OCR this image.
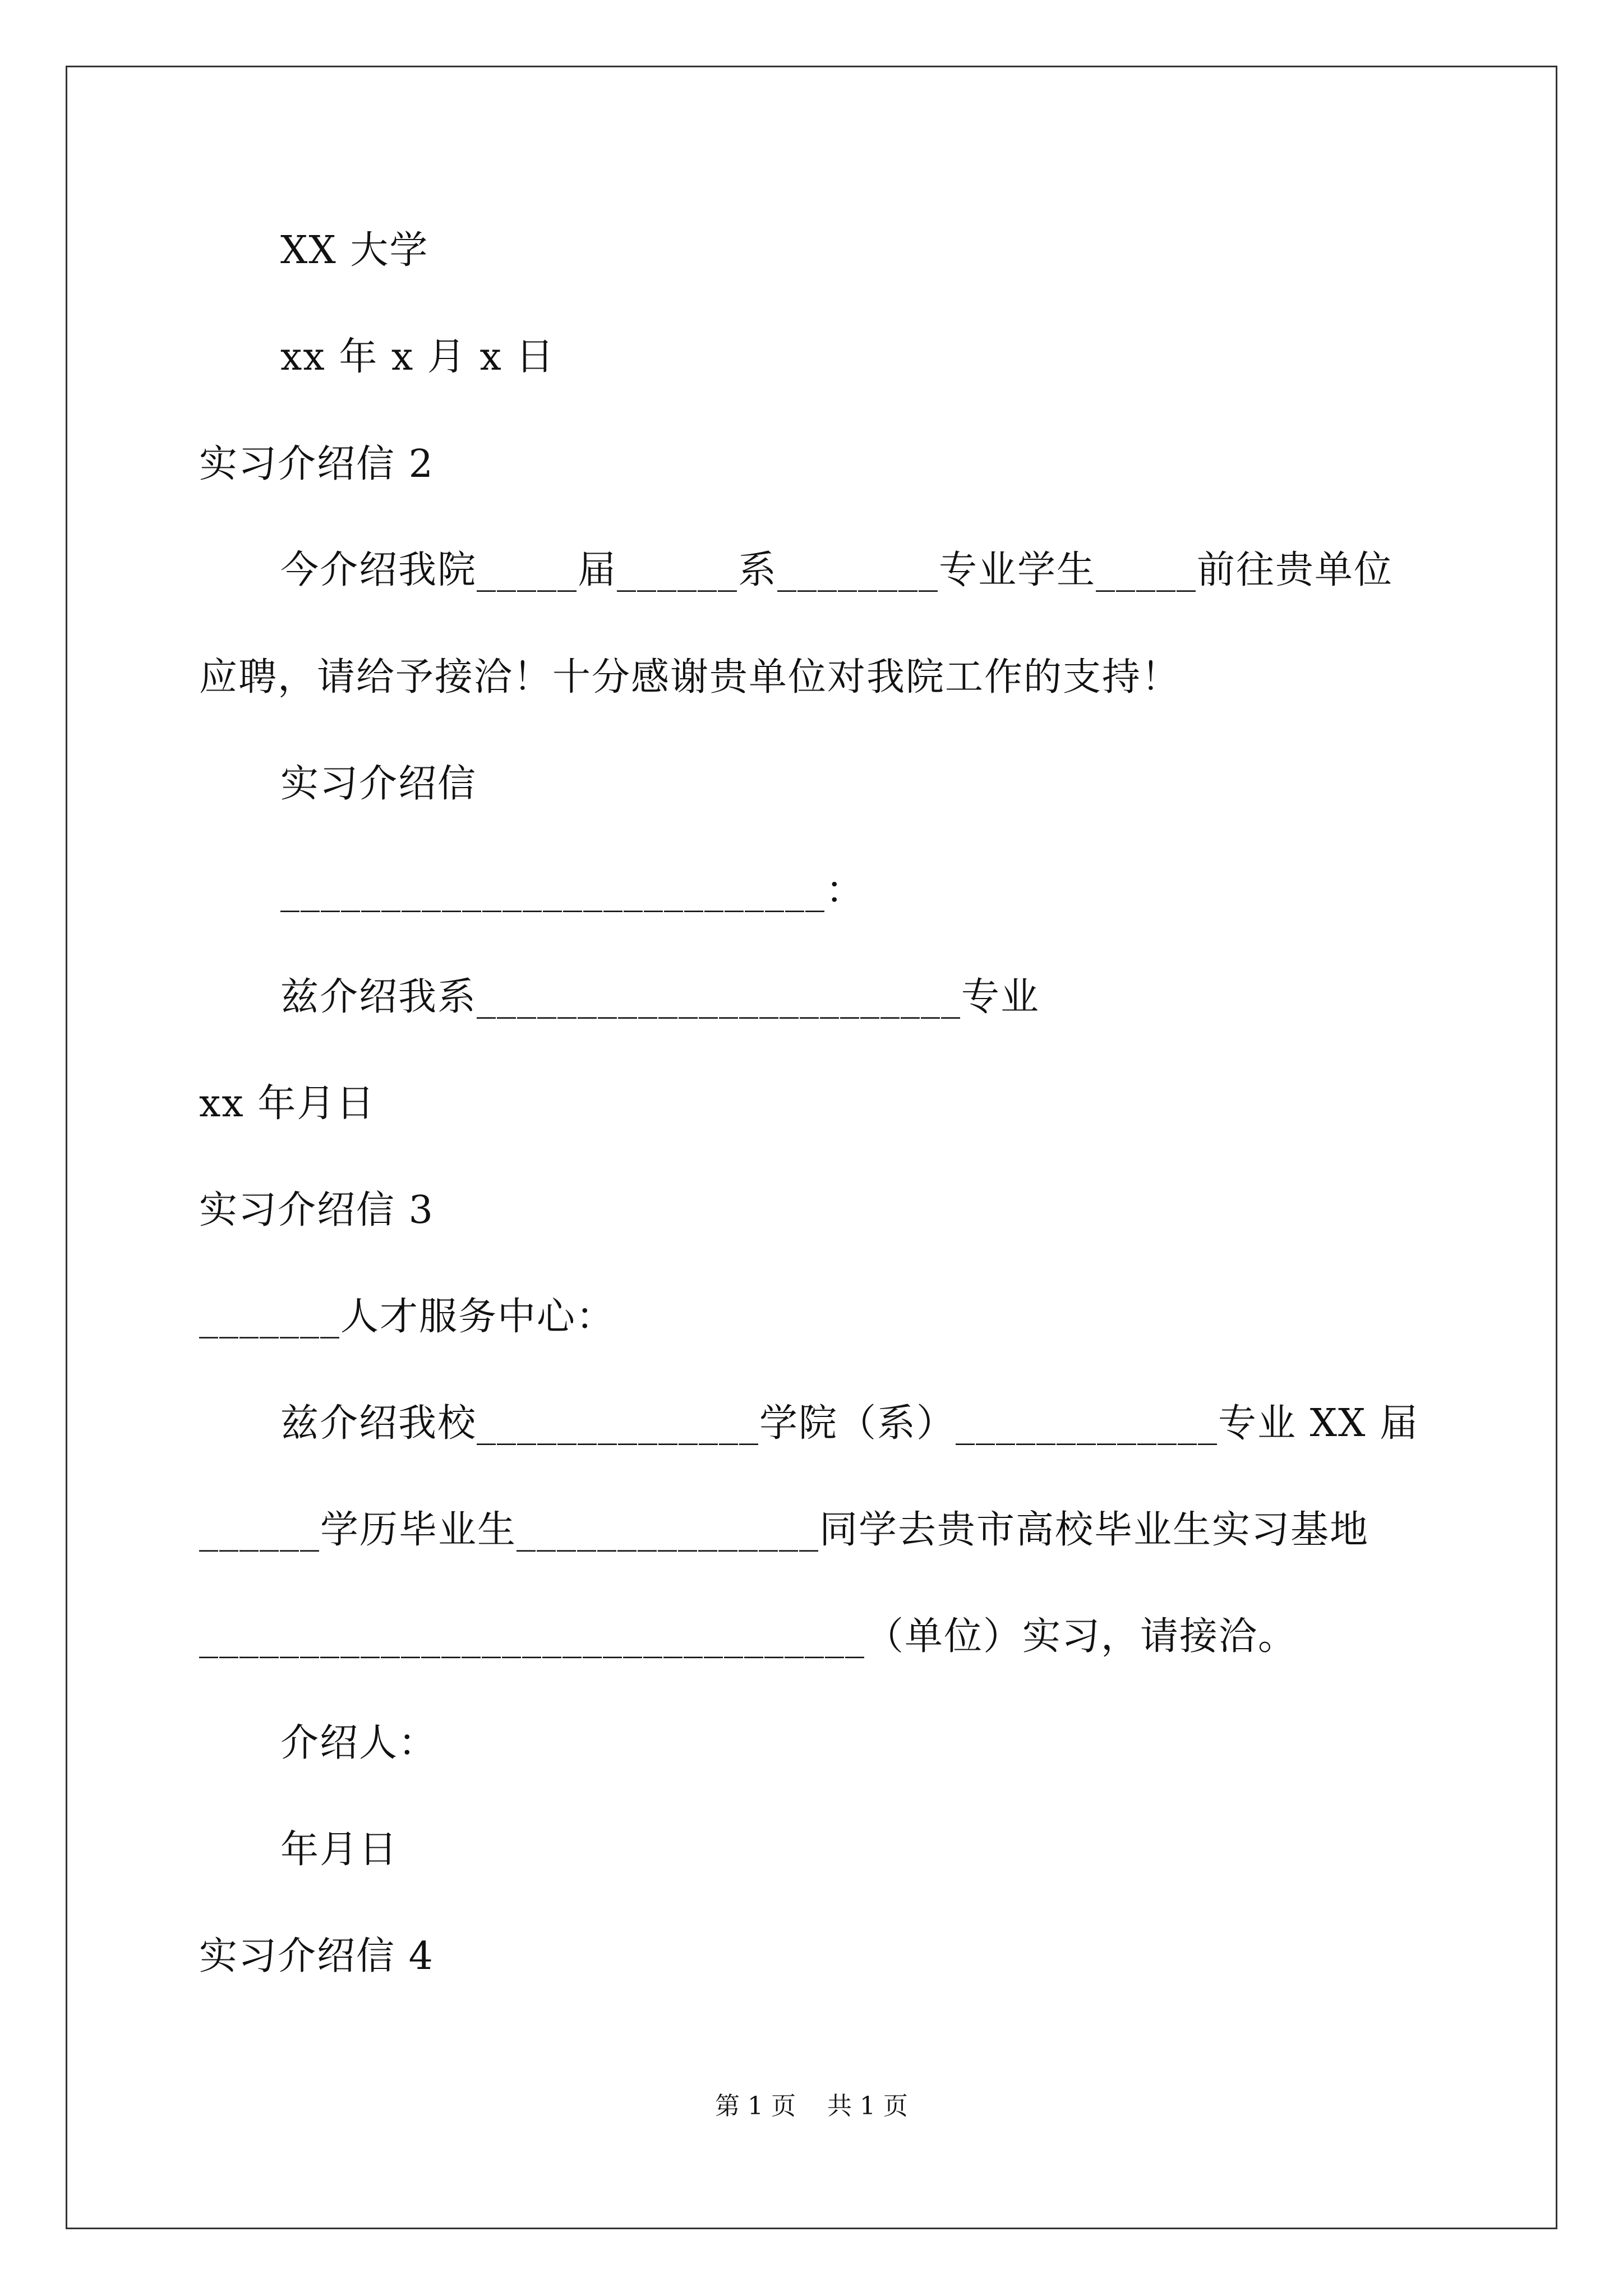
XX 大学
xx 年 x 月 x 日
实习介绍信 2
今介绍我院_____届______系________专业学生_____前往贵单位
应聘，请给予接洽！十分感谢贵单位对我院工作的支持！
实习介绍信
___________________________：
兹介绍我系________________________专业
xx 年月日
实习介绍信 3
_______人才服务中心：
兹介绍我校______________学院（系）_____________专业 XX 届
______学历毕业生_______________同学去贵市高校毕业生实习基地
_________________________________（单位）实习，请接洽。
介绍人：
年月日
实习介绍信 4
第 1 页    共 1 页
